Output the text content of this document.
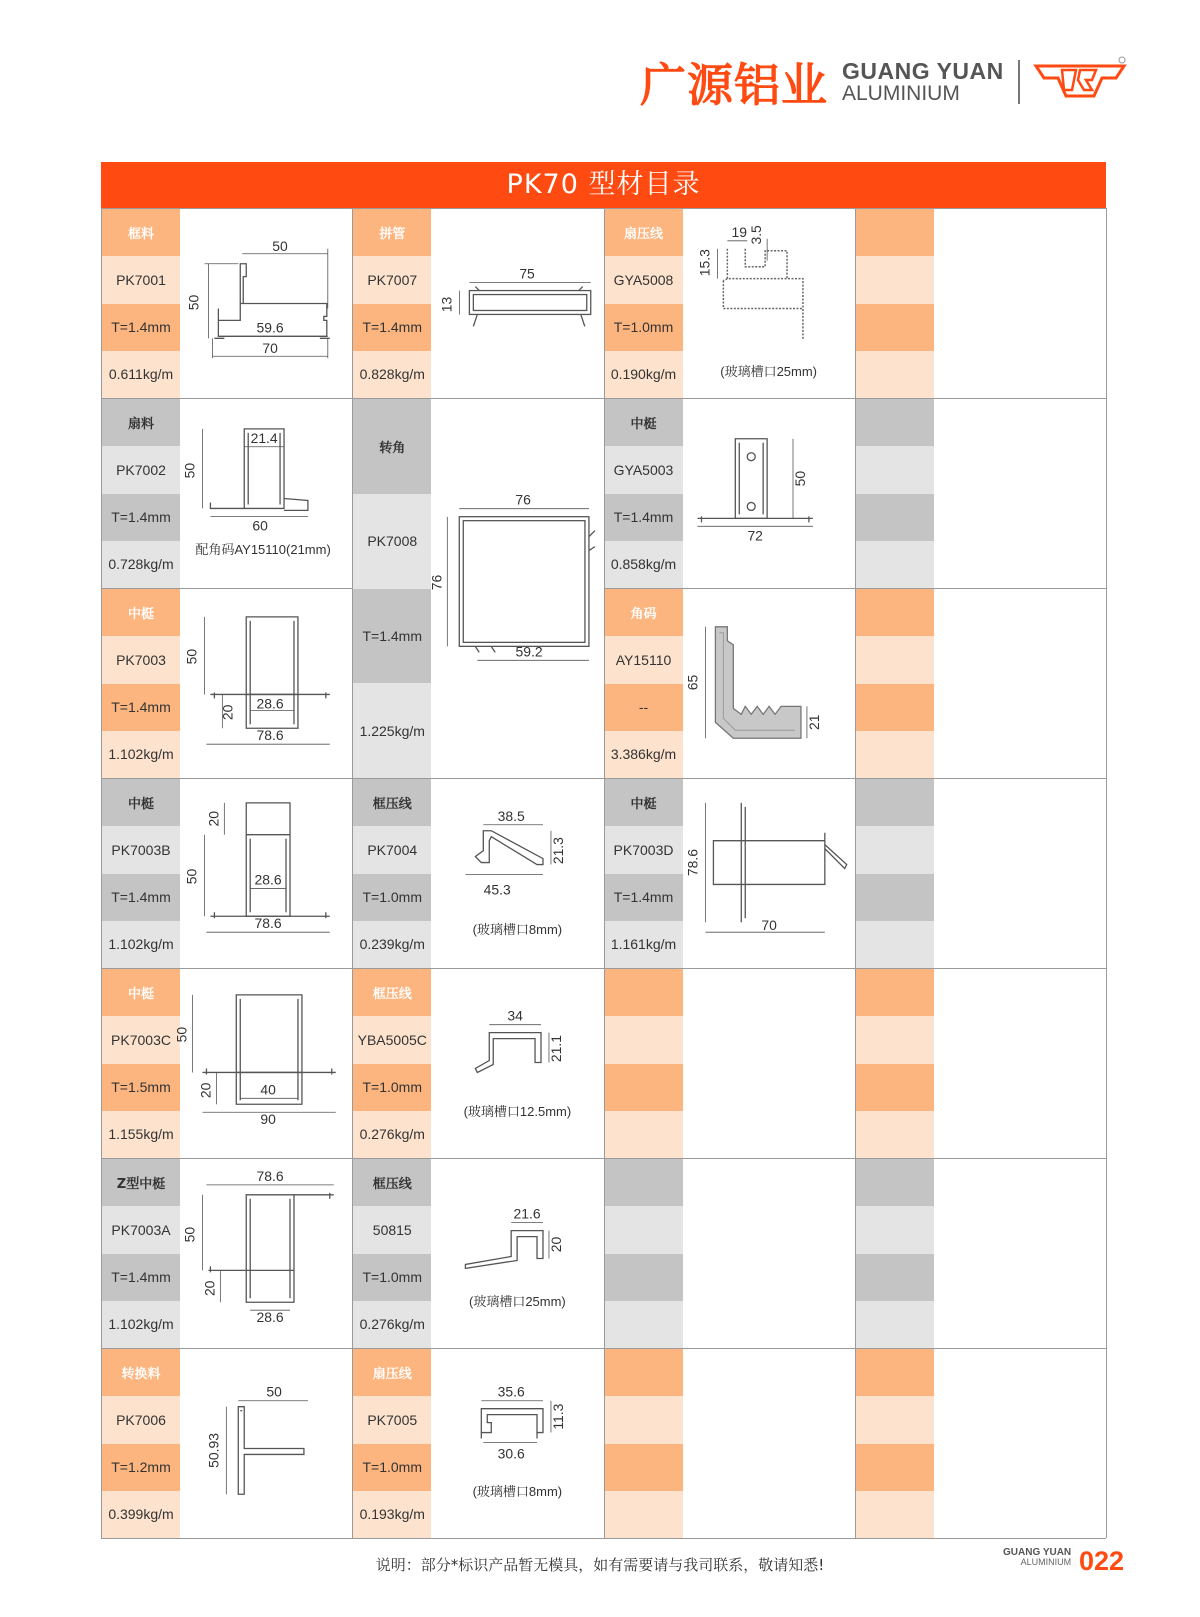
广源铝业 GUANG YUAN
ALUMINIUM
PK70 型材目录
框料
PK7001
T=1.4mm
0.611kg/m
50
50
59.6
70
拼管
PK7007
T=1.4mm
0.828kg/m
75
13
扇压线
GYA5008
T=1.0mm
0.190kg/m
19 3.5
15.3
(玻璃槽口25mm)
扇料
PK7002
T=1.4mm
0.728kg/m
21.4
50
60
配角码AY15110(21mm)
转角
PK7008
T=1.4mm
1.225kg/m
76
76
59.2
中梃
GYA5003
T=1.4mm
0.858kg/m
50
72
中梃
PK7003
T=1.4mm
1.102kg/m
50
20
28.6
78.6
角码
AY15110
--
3.386kg/m
65
21
中梃
PK7003B
T=1.4mm
1.102kg/m
20
50	28.6
78.6
框压线
PK7004
T=1.0mm
0.239kg/m
38.5
21.3
45.3
(玻璃槽口8mm)
中梃
PK7003D
T=1.4mm
1.161kg/m
78.6
70
中梃
PK7003C
T=1.5mm
1.155kg/m
50
20	40
90
框压线
YBA5005C
T=1.0mm
0.276kg/m
34
21.1
(玻璃槽口12.5mm)
Z型中梃
PK7003A
T=1.4mm
1.102kg/m
78.6
50
20
28.6
框压线
50815
T=1.0mm
0.276kg/m
21.6
20
(玻璃槽口25mm)
转换料
PK7006
T=1.2mm
0.399kg/m
50
50.93
扇压线
PK7005
T=1.0mm
0.193kg/m
35.6
11.3
30.6
(玻璃槽口8mm)
说明：部分*标识产品暂无模具，如有需要请与我司联系，敬请知悉!
GUANG YUAN
ALUMINIUM 022
